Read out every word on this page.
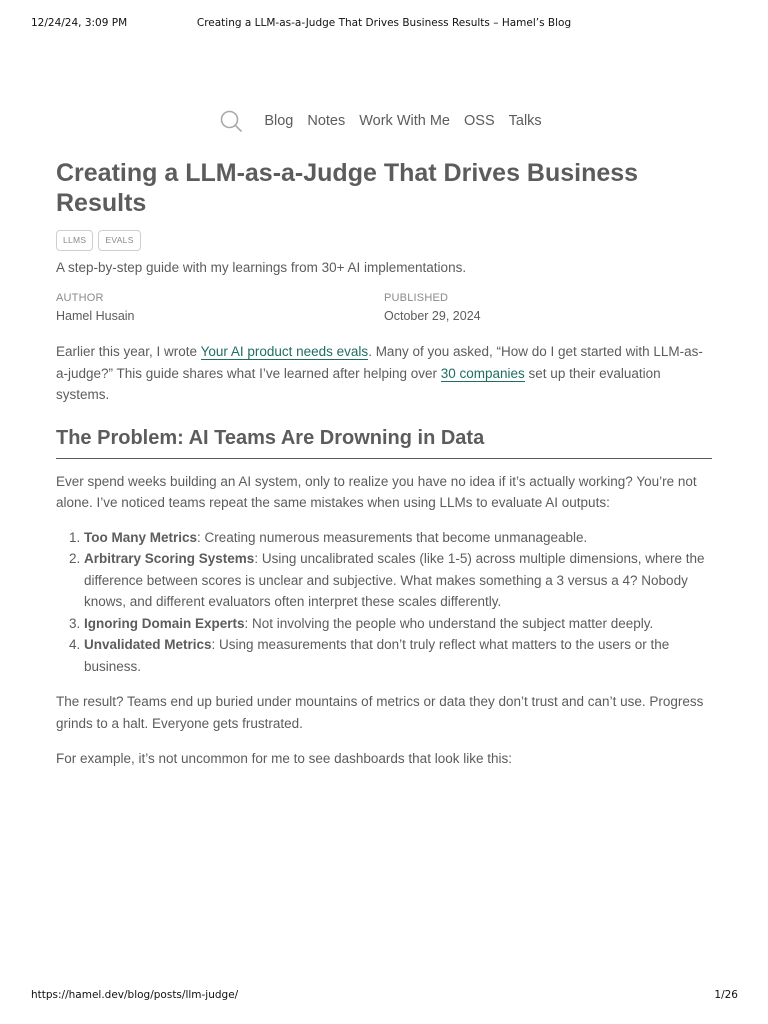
12/24/24, 3:09 PM	Creating a LLM-as-a-Judge That Drives Business Results – Hamel’s Blog
Blog Notes Work With Me OSS Talks
Creating a LLM-as-a-Judge That Drives Business Results
LLMS	EVALS
A step-by-step guide with my learnings from 30+ AI implementations.
AUTHOR
Hamel Husain
PUBLISHED
October 29, 2024

Earlier this year, I wrote Your AI product needs evals. Many of you asked, “How do I get started with LLM-as-a-judge?” This guide shares what I’ve learned after helping over 30 companies set up their evaluation systems.

The Problem: AI Teams Are Drowning in Data

Ever spend weeks building an AI system, only to realize you have no idea if it’s actually working? You’re not alone. I’ve noticed teams repeat the same mistakes when using LLMs to evaluate AI outputs:

1. Too Many Metrics: Creating numerous measurements that become unmanageable.
2. Arbitrary Scoring Systems: Using uncalibrated scales (like 1-5) across multiple dimensions, where the difference between scores is unclear and subjective. What makes something a 3 versus a 4? Nobody knows, and different evaluators often interpret these scales differently.
3. Ignoring Domain Experts: Not involving the people who understand the subject matter deeply.
4. Unvalidated Metrics: Using measurements that don’t truly reflect what matters to the users or the business.

The result? Teams end up buried under mountains of metrics or data they don’t trust and can’t use. Progress grinds to a halt. Everyone gets frustrated.

For example, it’s not uncommon for me to see dashboards that look like this:

https://hamel.dev/blog/posts/llm-judge/	1/26
